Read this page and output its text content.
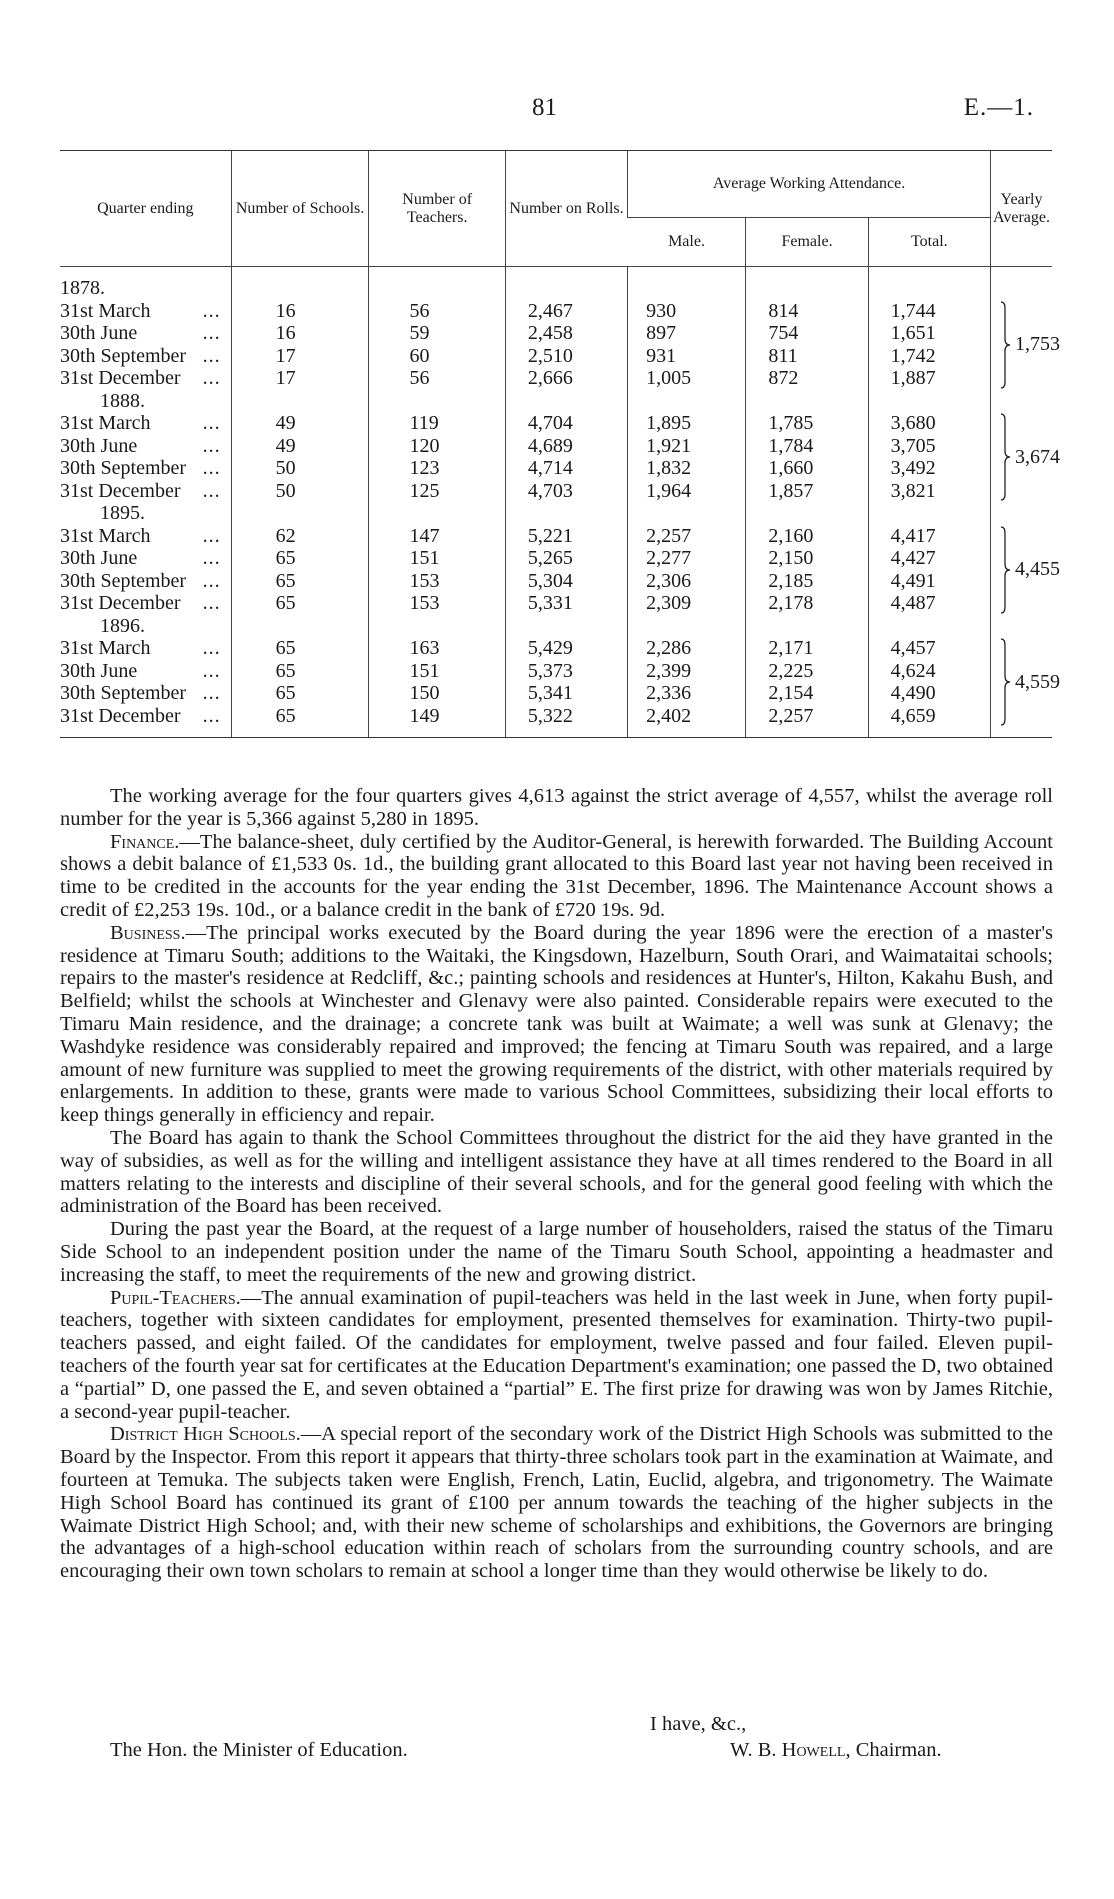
81	E.—1.
Quarter ending	Number of Schools.	Number of Teachers.	Number on Rolls.	Average Working Attendance.			Yearly Average.
				Male.	Female.	Total.	

1878.							
31st March ...	16	56	2,467	930	814	1,744	1,753

30th June ...	16	59	2,458	897	754	1,651	
30th September ...	17	60	2,510	931	811	1,742	
31st December ...	17	56	2,666	1,005	872	1,887	
1888.							
31st March ...	49	119	4,704	1,895	1,785	3,680	3,674

30th June ...	49	120	4,689	1,921	1,784	3,705	
30th September ...	50	123	4,714	1,832	1,660	3,492	
31st December ...	50	125	4,703	1,964	1,857	3,821	
1895.							
31st March ...	62	147	5,221	2,257	2,160	4,417	4,455

30th June ...	65	151	5,265	2,277	2,150	4,427	
30th September ...	65	153	5,304	2,306	2,185	4,491	
31st December ...	65	153	5,331	2,309	2,178	4,487	
1896.							
31st March ...	65	163	5,429	2,286	2,171	4,457	4,559

30th June ...	65	151	5,373	2,399	2,225	4,624	
30th September ...	65	150	5,341	2,336	2,154	4,490	
31st December ...	65	149	5,322	2,402	2,257	4,659	

The working average for the four quarters gives 4,613 against the strict average of 4,557, whilst the average roll number for the year is 5,366 against 5,280 in 1895.

Finance.—The balance-sheet, duly certified by the Auditor-General, is herewith forwarded. The Building Account shows a debit balance of £1,533 0s. 1d., the building grant allocated to this Board last year not having been received in time to be credited in the accounts for the year ending the 31st December, 1896. The Maintenance Account shows a credit of £2,253 19s. 10d., or a balance credit in the bank of £720 19s. 9d.

Business.—The principal works executed by the Board during the year 1896 were the erection of a master's residence at Timaru South; additions to the Waitaki, the Kingsdown, Hazelburn, South Orari, and Waimataitai schools; repairs to the master's residence at Redcliff, &c.; painting schools and residences at Hunter's, Hilton, Kakahu Bush, and Belfield; whilst the schools at Winchester and Glenavy were also painted. Considerable repairs were executed to the Timaru Main residence, and the drainage; a concrete tank was built at Waimate; a well was sunk at Glenavy; the Washdyke residence was considerably repaired and improved; the fencing at Timaru South was repaired, and a large amount of new furniture was supplied to meet the growing requirements of the district, with other materials required by enlargements. In addition to these, grants were made to various School Committees, subsidizing their local efforts to keep things generally in efficiency and repair.

The Board has again to thank the School Committees throughout the district for the aid they have granted in the way of subsidies, as well as for the willing and intelligent assistance they have at all times rendered to the Board in all matters relating to the interests and discipline of their several schools, and for the general good feeling with which the administration of the Board has been received.

During the past year the Board, at the request of a large number of householders, raised the status of the Timaru Side School to an independent position under the name of the Timaru South School, appointing a headmaster and increasing the staff, to meet the requirements of the new and growing district.

Pupil-Teachers.—The annual examination of pupil-teachers was held in the last week in June, when forty pupil-teachers, together with sixteen candidates for employment, presented themselves for examination. Thirty-two pupil-teachers passed, and eight failed. Of the candidates for employment, twelve passed and four failed. Eleven pupil-teachers of the fourth year sat for certificates at the Education Department's examination; one passed the D, two obtained a “partial” D, one passed the E, and seven obtained a “partial” E. The first prize for drawing was won by James Ritchie, a second-year pupil-teacher.

District High Schools.—A special report of the secondary work of the District High Schools was submitted to the Board by the Inspector. From this report it appears that thirty-three scholars took part in the examination at Waimate, and fourteen at Temuka. The subjects taken were English, French, Latin, Euclid, algebra, and trigonometry. The Waimate High School Board has continued its grant of £100 per annum towards the teaching of the higher subjects in the Waimate District High School; and, with their new scheme of scholarships and exhibitions, the Governors are bringing the advantages of a high-school education within reach of scholars from the surrounding country schools, and are encouraging their own town scholars to remain at school a longer time than they would otherwise be likely to do.

I have, &c.,
The Hon. the Minister of Education.	W. B. Howell, Chairman.
